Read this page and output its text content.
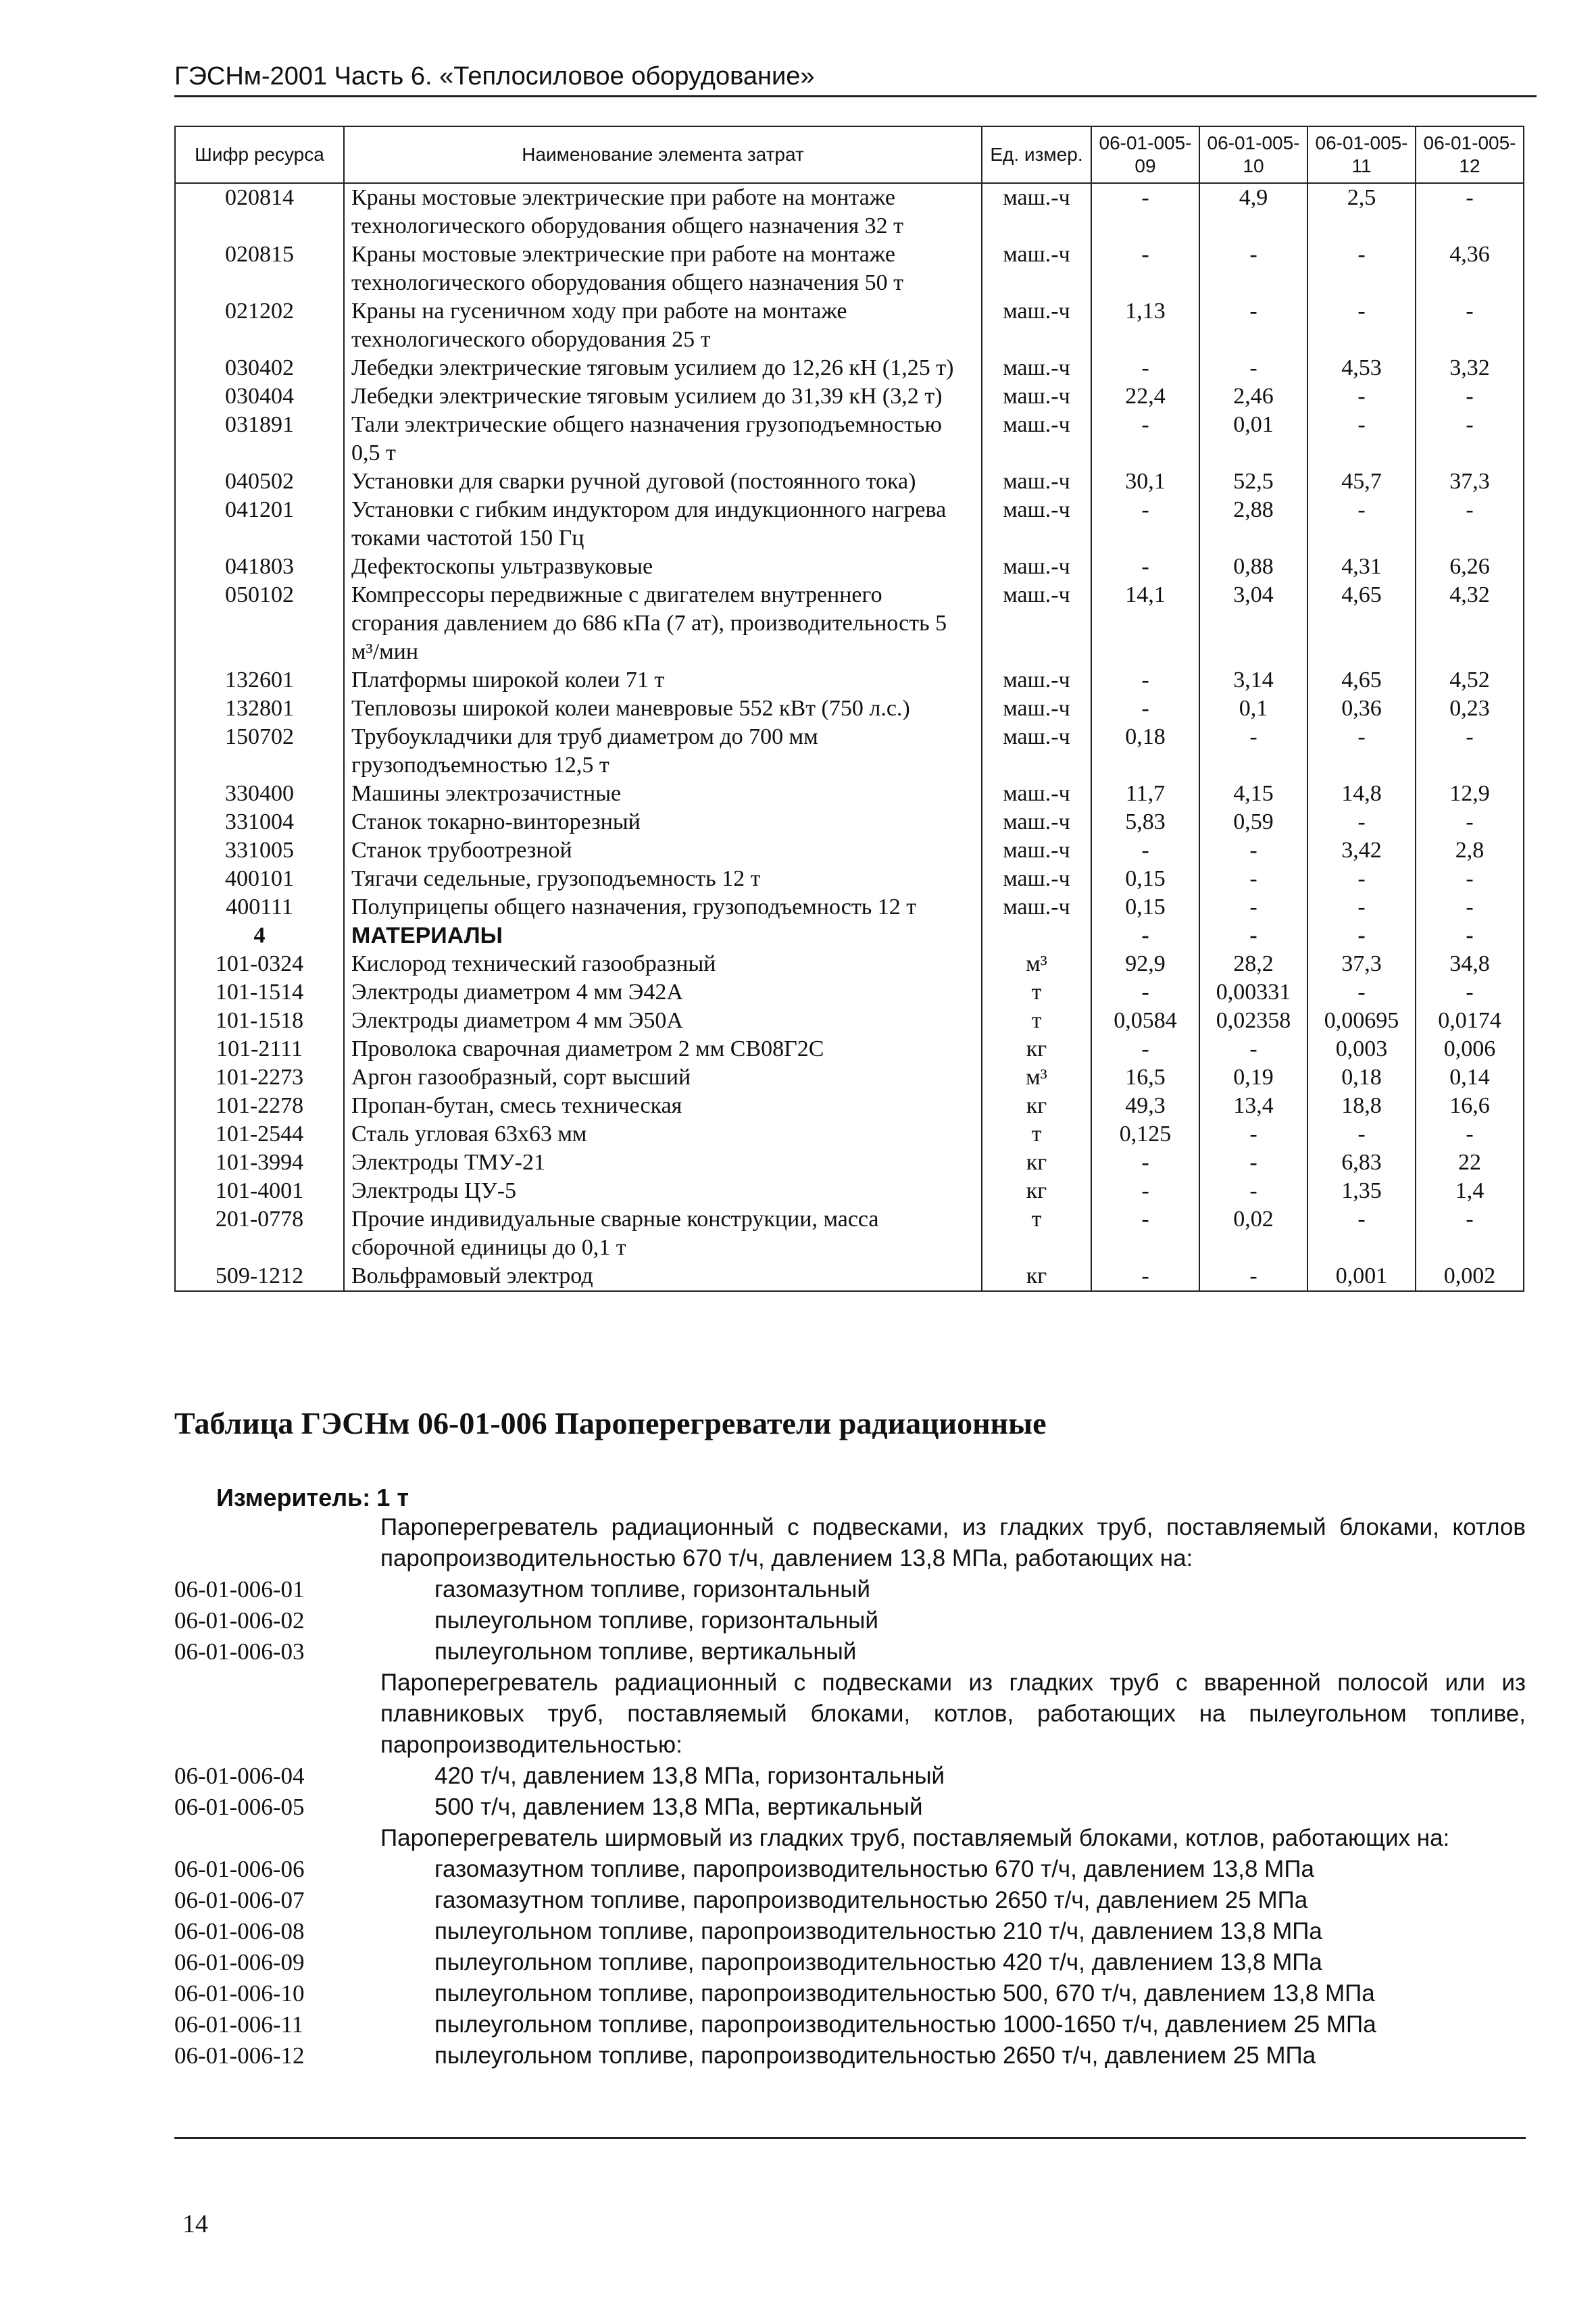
ГЭСНм-2001 Часть 6. «Теплосиловое оборудование»
Шифр ресурса	Наименование элемента затрат	Ед. измер.	06-01-005-09	06-01-005-10	06-01-005-11	06-01-005-12
020814	Краны мостовые электрические при работе на монтаже технологического оборудования общего назначения 32 т	маш.-ч	-	4,9	2,5	-
020815	Краны мостовые электрические при работе на монтаже технологического оборудования общего назначения 50 т	маш.-ч	-	-	-	4,36
021202	Краны на гусеничном ходу при работе на монтаже технологического оборудования 25 т	маш.-ч	1,13	-	-	-
030402	Лебедки электрические тяговым усилием до 12,26 кН (1,25 т)	маш.-ч	-	-	4,53	3,32
030404	Лебедки электрические тяговым усилием до 31,39 кН (3,2 т)	маш.-ч	22,4	2,46	-	-
031891	Тали электрические общего назначения грузоподъемностью 0,5 т	маш.-ч	-	0,01	-	-
040502	Установки для сварки ручной дуговой (постоянного тока)	маш.-ч	30,1	52,5	45,7	37,3
041201	Установки с гибким индуктором для индукционного нагрева токами частотой 150 Гц	маш.-ч	-	2,88	-	-
041803	Дефектоскопы ультразвуковые	маш.-ч	-	0,88	4,31	6,26
050102	Компрессоры передвижные с двигателем внутреннего сгорания давлением до 686 кПа (7 ат), производительность 5 м³/мин	маш.-ч	14,1	3,04	4,65	4,32
132601	Платформы широкой колеи 71 т	маш.-ч	-	3,14	4,65	4,52
132801	Тепловозы широкой колеи маневровые 552 кВт (750 л.с.)	маш.-ч	-	0,1	0,36	0,23
150702	Трубоукладчики для труб диаметром до 700 мм грузоподъемностью 12,5 т	маш.-ч	0,18	-	-	-
330400	Машины электрозачистные	маш.-ч	11,7	4,15	14,8	12,9
331004	Станок токарно-винторезный	маш.-ч	5,83	0,59	-	-
331005	Станок трубоотрезной	маш.-ч	-	-	3,42	2,8
400101	Тягачи седельные, грузоподъемность 12 т	маш.-ч	0,15	-	-	-
400111	Полуприцепы общего назначения, грузоподъемность 12 т	маш.-ч	0,15	-	-	-
4	МАТЕРИАЛЫ		-	-	-	-
101-0324	Кислород технический газообразный	м³	92,9	28,2	37,3	34,8
101-1514	Электроды диаметром 4 мм Э42А	т	-	0,00331	-	-
101-1518	Электроды диаметром 4 мм Э50А	т	0,0584	0,02358	0,00695	0,0174
101-2111	Проволока сварочная диаметром 2 мм СВ08Г2С	кг	-	-	0,003	0,006
101-2273	Аргон газообразный, сорт высший	м³	16,5	0,19	0,18	0,14
101-2278	Пропан-бутан, смесь техническая	кг	49,3	13,4	18,8	16,6
101-2544	Сталь угловая 63х63 мм	т	0,125	-	-	-
101-3994	Электроды ТМУ-21	кг	-	-	6,83	22
101-4001	Электроды ЦУ-5	кг	-	-	1,35	1,4
201-0778	Прочие индивидуальные сварные конструкции, масса сборочной единицы до 0,1 т	т	-	0,02	-	-
509-1212	Вольфрамовый электрод	кг	-	-	0,001	0,002
Таблица ГЭСНм 06-01-006 Пароперегреватели радиационные
Измеритель: 1 т
Пароперегреватель радиационный с подвесками, из гладких труб, поставляемый блоками, котлов паропроизводительностью 670 т/ч, давлением 13,8 МПа, работающих на:
06-01-006-01	газомазутном топливе, горизонтальный
06-01-006-02	пылеугольном топливе, горизонтальный
06-01-006-03	пылеугольном топливе, вертикальный
Пароперегреватель радиационный с подвесками из гладких труб с вваренной полосой или из плавниковых труб, поставляемый блоками, котлов, работающих на пылеугольном топливе, паропроизводительностью:
06-01-006-04	420 т/ч, давлением 13,8 МПа, горизонтальный
06-01-006-05	500 т/ч, давлением 13,8 МПа, вертикальный
Пароперегреватель ширмовый из гладких труб, поставляемый блоками, котлов, работающих на:
06-01-006-06	газомазутном топливе, паропроизводительностью 670 т/ч, давлением 13,8 МПа
06-01-006-07	газомазутном топливе, паропроизводительностью 2650 т/ч, давлением 25 МПа
06-01-006-08	пылеугольном топливе, паропроизводительностью 210 т/ч, давлением 13,8 МПа
06-01-006-09	пылеугольном топливе, паропроизводительностью 420 т/ч, давлением 13,8 МПа
06-01-006-10	пылеугольном топливе, паропроизводительностью 500, 670 т/ч, давлением 13,8 МПа
06-01-006-11	пылеугольном топливе, паропроизводительностью 1000-1650 т/ч, давлением 25 МПа
06-01-006-12	пылеугольном топливе, паропроизводительностью 2650 т/ч, давлением 25 МПа
14
